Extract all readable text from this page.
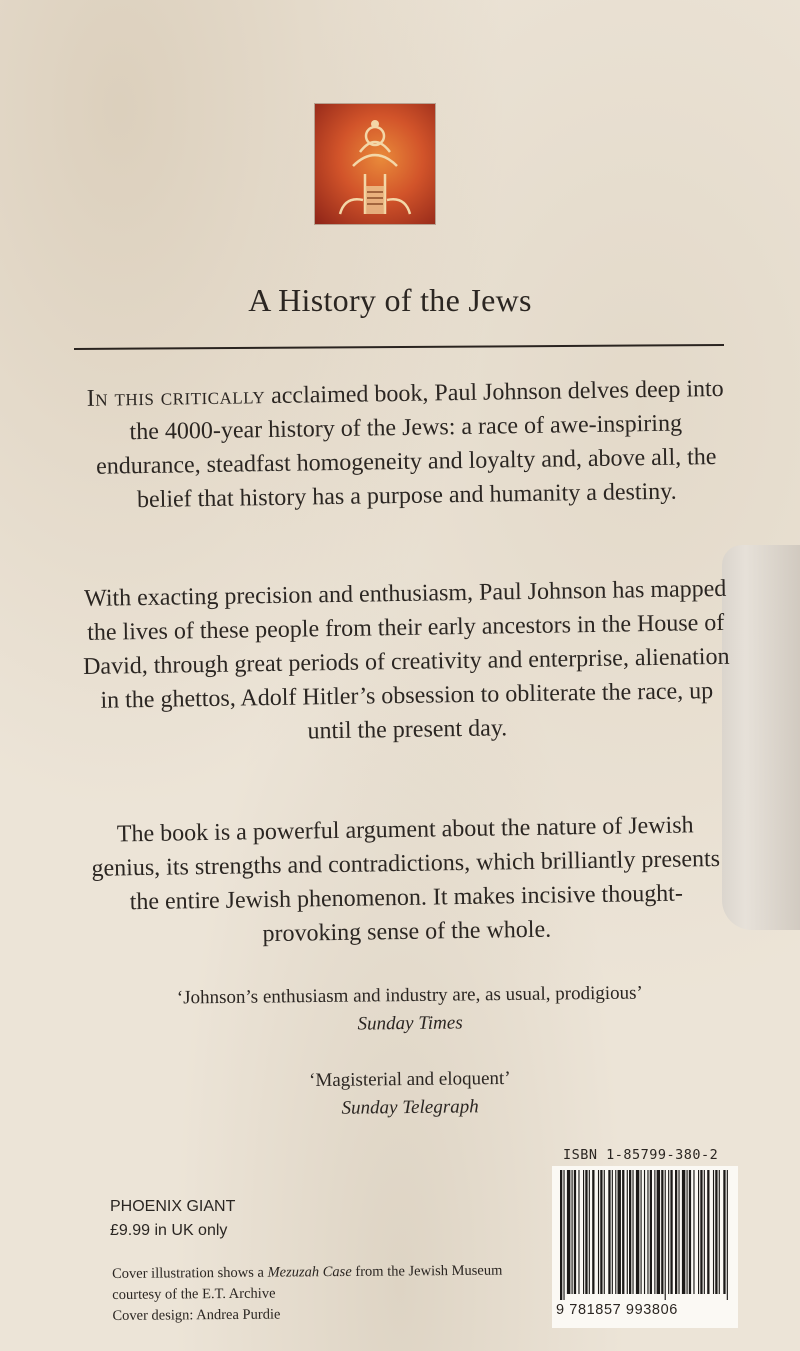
A History of the Jews
In this critically acclaimed book, Paul Johnson delves deep into the 4000-year history of the Jews: a race of awe-inspiring endurance, steadfast homogeneity and loyalty and, above all, the belief that history has a purpose and humanity a destiny.
With exacting precision and enthusiasm, Paul Johnson has mapped the lives of these people from their early ancestors in the House of David, through great periods of creativity and enterprise, alienation in the ghettos, Adolf Hitler’s obsession to obliterate the race, up until the present day.
The book is a powerful argument about the nature of Jewish genius, its strengths and contradictions, which brilliantly presents the entire Jewish phenomenon. It makes incisive thought-provoking sense of the whole.
‘Johnson’s enthusiasm and industry are, as usual, prodigious’
Sunday Times
‘Magisterial and eloquent’
Sunday Telegraph
PHOENIX GIANT
£9.99 in UK only
Cover illustration shows a Mezuzah Case from the Jewish Museum courtesy of the E.T. Archive
Cover design: Andrea Purdie
ISBN 1-85799-380-2
9 781857 993806
